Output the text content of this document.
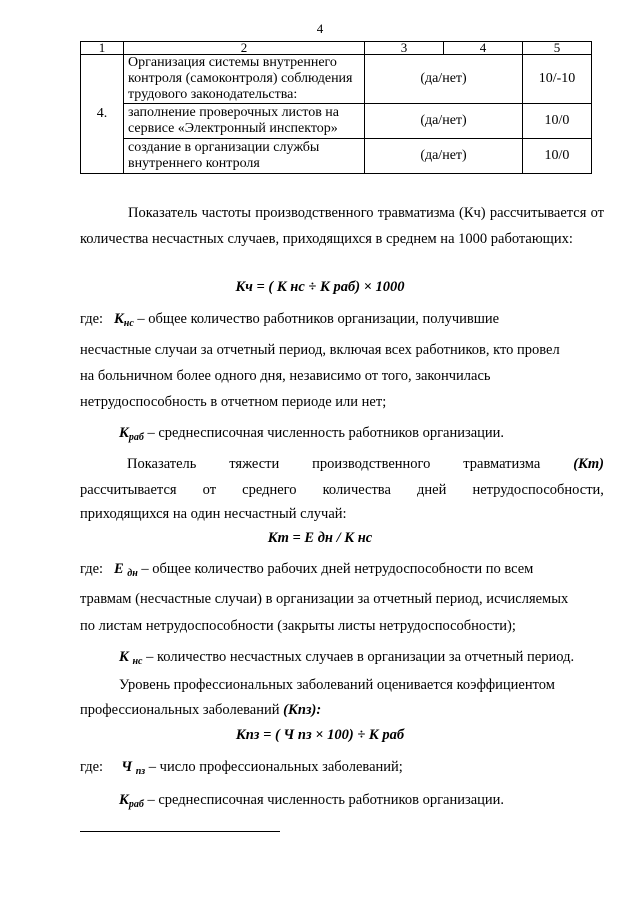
4
1	2	3	4	5
4.	Организация системы внутреннего контроля (самоконтроля) соблюдения трудового законодательства:	(да/нет)		10/-10
	заполнение проверочных листов на сервисе «Электронный инспектор»	(да/нет)		10/0
	создание в организации службы внутреннего контроля	(да/нет)		10/0
Показатель частоты производственного травматизма (Кч) рассчитывается от количества несчастных случаев, приходящихся в среднем на 1000 работающих:
Кч = ( К нс ÷ К раб) × 1000
где: $К_{нс}$ – общее количество работников организации, получившие
несчастные случаи за отчетный период, включая всех работников, кто провел
на больничном более одного дня, независимо от того, закончилась
нетрудоспособность в отчетном периоде или нет;
$К_{раб}$ – среднесписочная численность работников организации.
Показатель тяжести производственного травматизма (Кт)
рассчитывается от среднего количества дней нетрудоспособности,
приходящихся на один несчастный случай:
Кт = Е дн / К нс
где: Е $_{дн}$ – общее количество рабочих дней нетрудоспособности по всем
травмам (несчастные случаи) в организации за отчетный период, исчисляемых
по листам нетрудоспособности (закрыты листы нетрудоспособности);
К $_{нс}$ – количество несчастных случаев в организации за отчетный период.
Уровень профессиональных заболеваний оценивается коэффициентом
профессиональных заболеваний (Кпз):
Кпз = ( Ч пз × 100) ÷ К раб
где: Ч $_{пз}$ – число профессиональных заболеваний;
$К_{раб}$ – среднесписочная численность работников организации.
